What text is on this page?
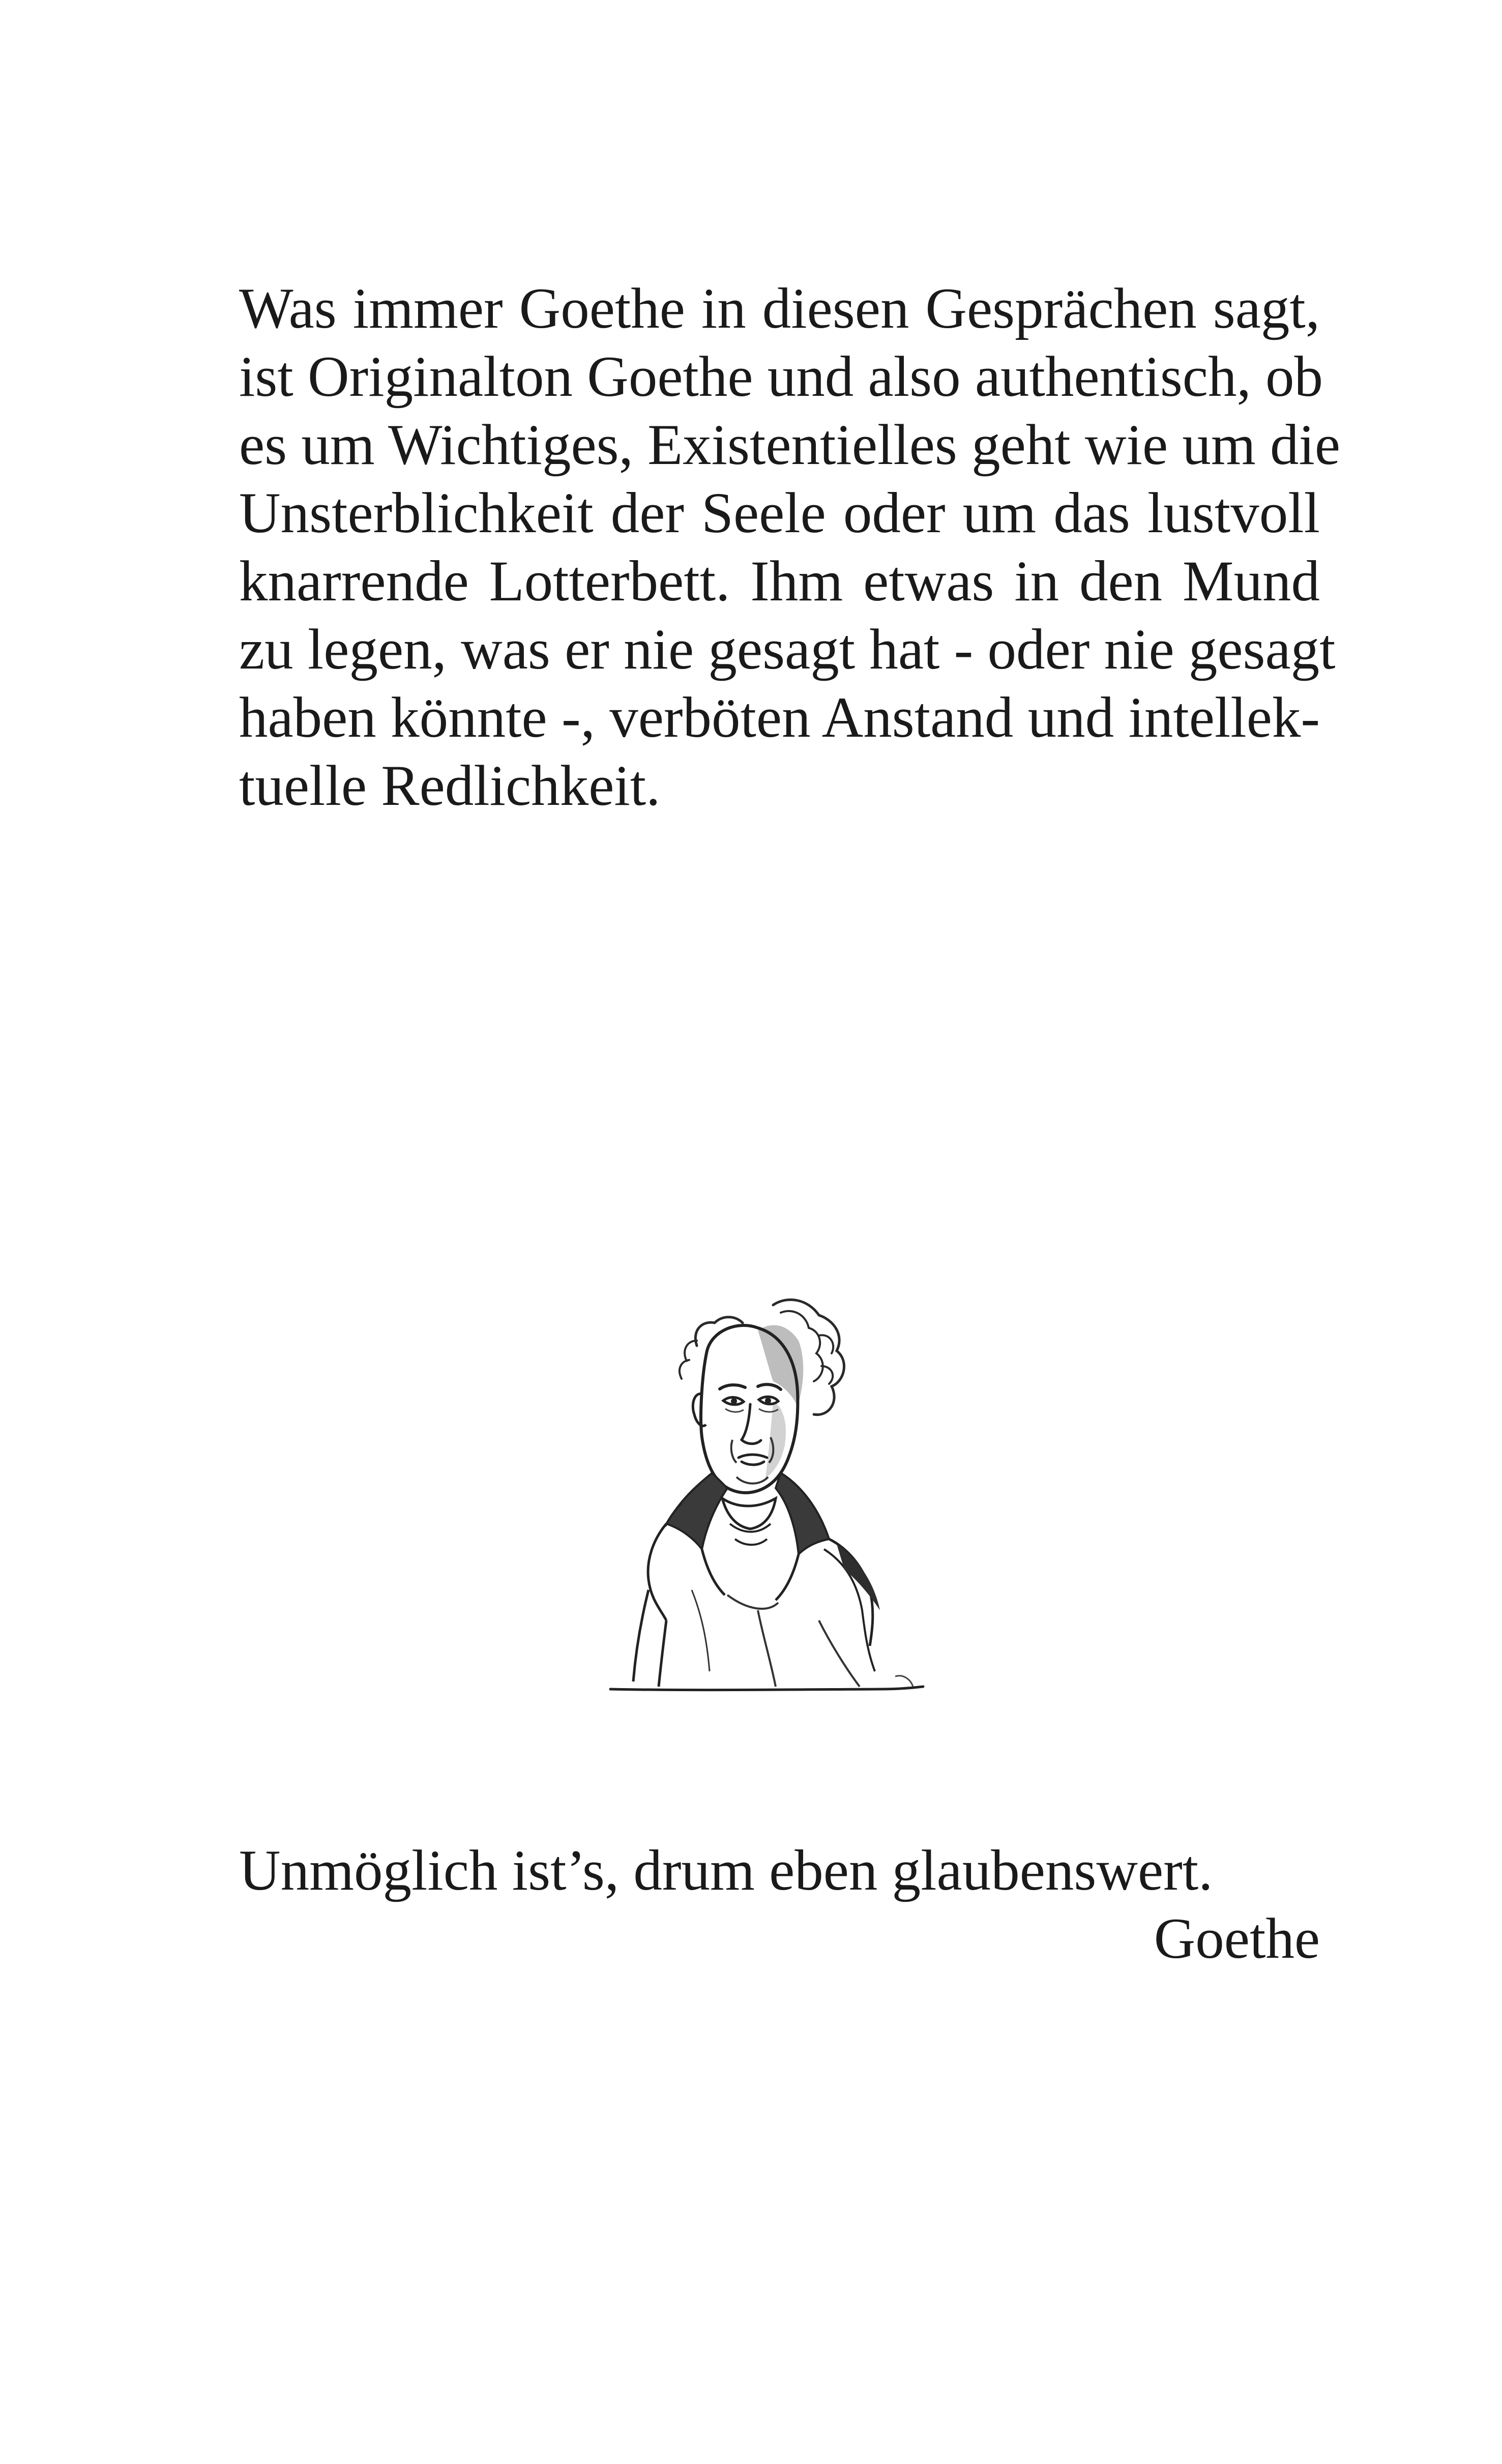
Was immer Goethe in diesen Gesprächen sagt,
ist Originalton Goethe und also authentisch, ob
es um Wichtiges, Existentielles geht wie um die
Unsterblichkeit der Seele oder um das lustvoll
knarrende Lotterbett. Ihm etwas in den Mund
zu legen, was er nie gesagt hat - oder nie gesagt
haben könnte -, verböten Anstand und intellek-
tuelle Redlichkeit.

Unmöglich ist’s, drum eben glaubenswert.

Goethe
